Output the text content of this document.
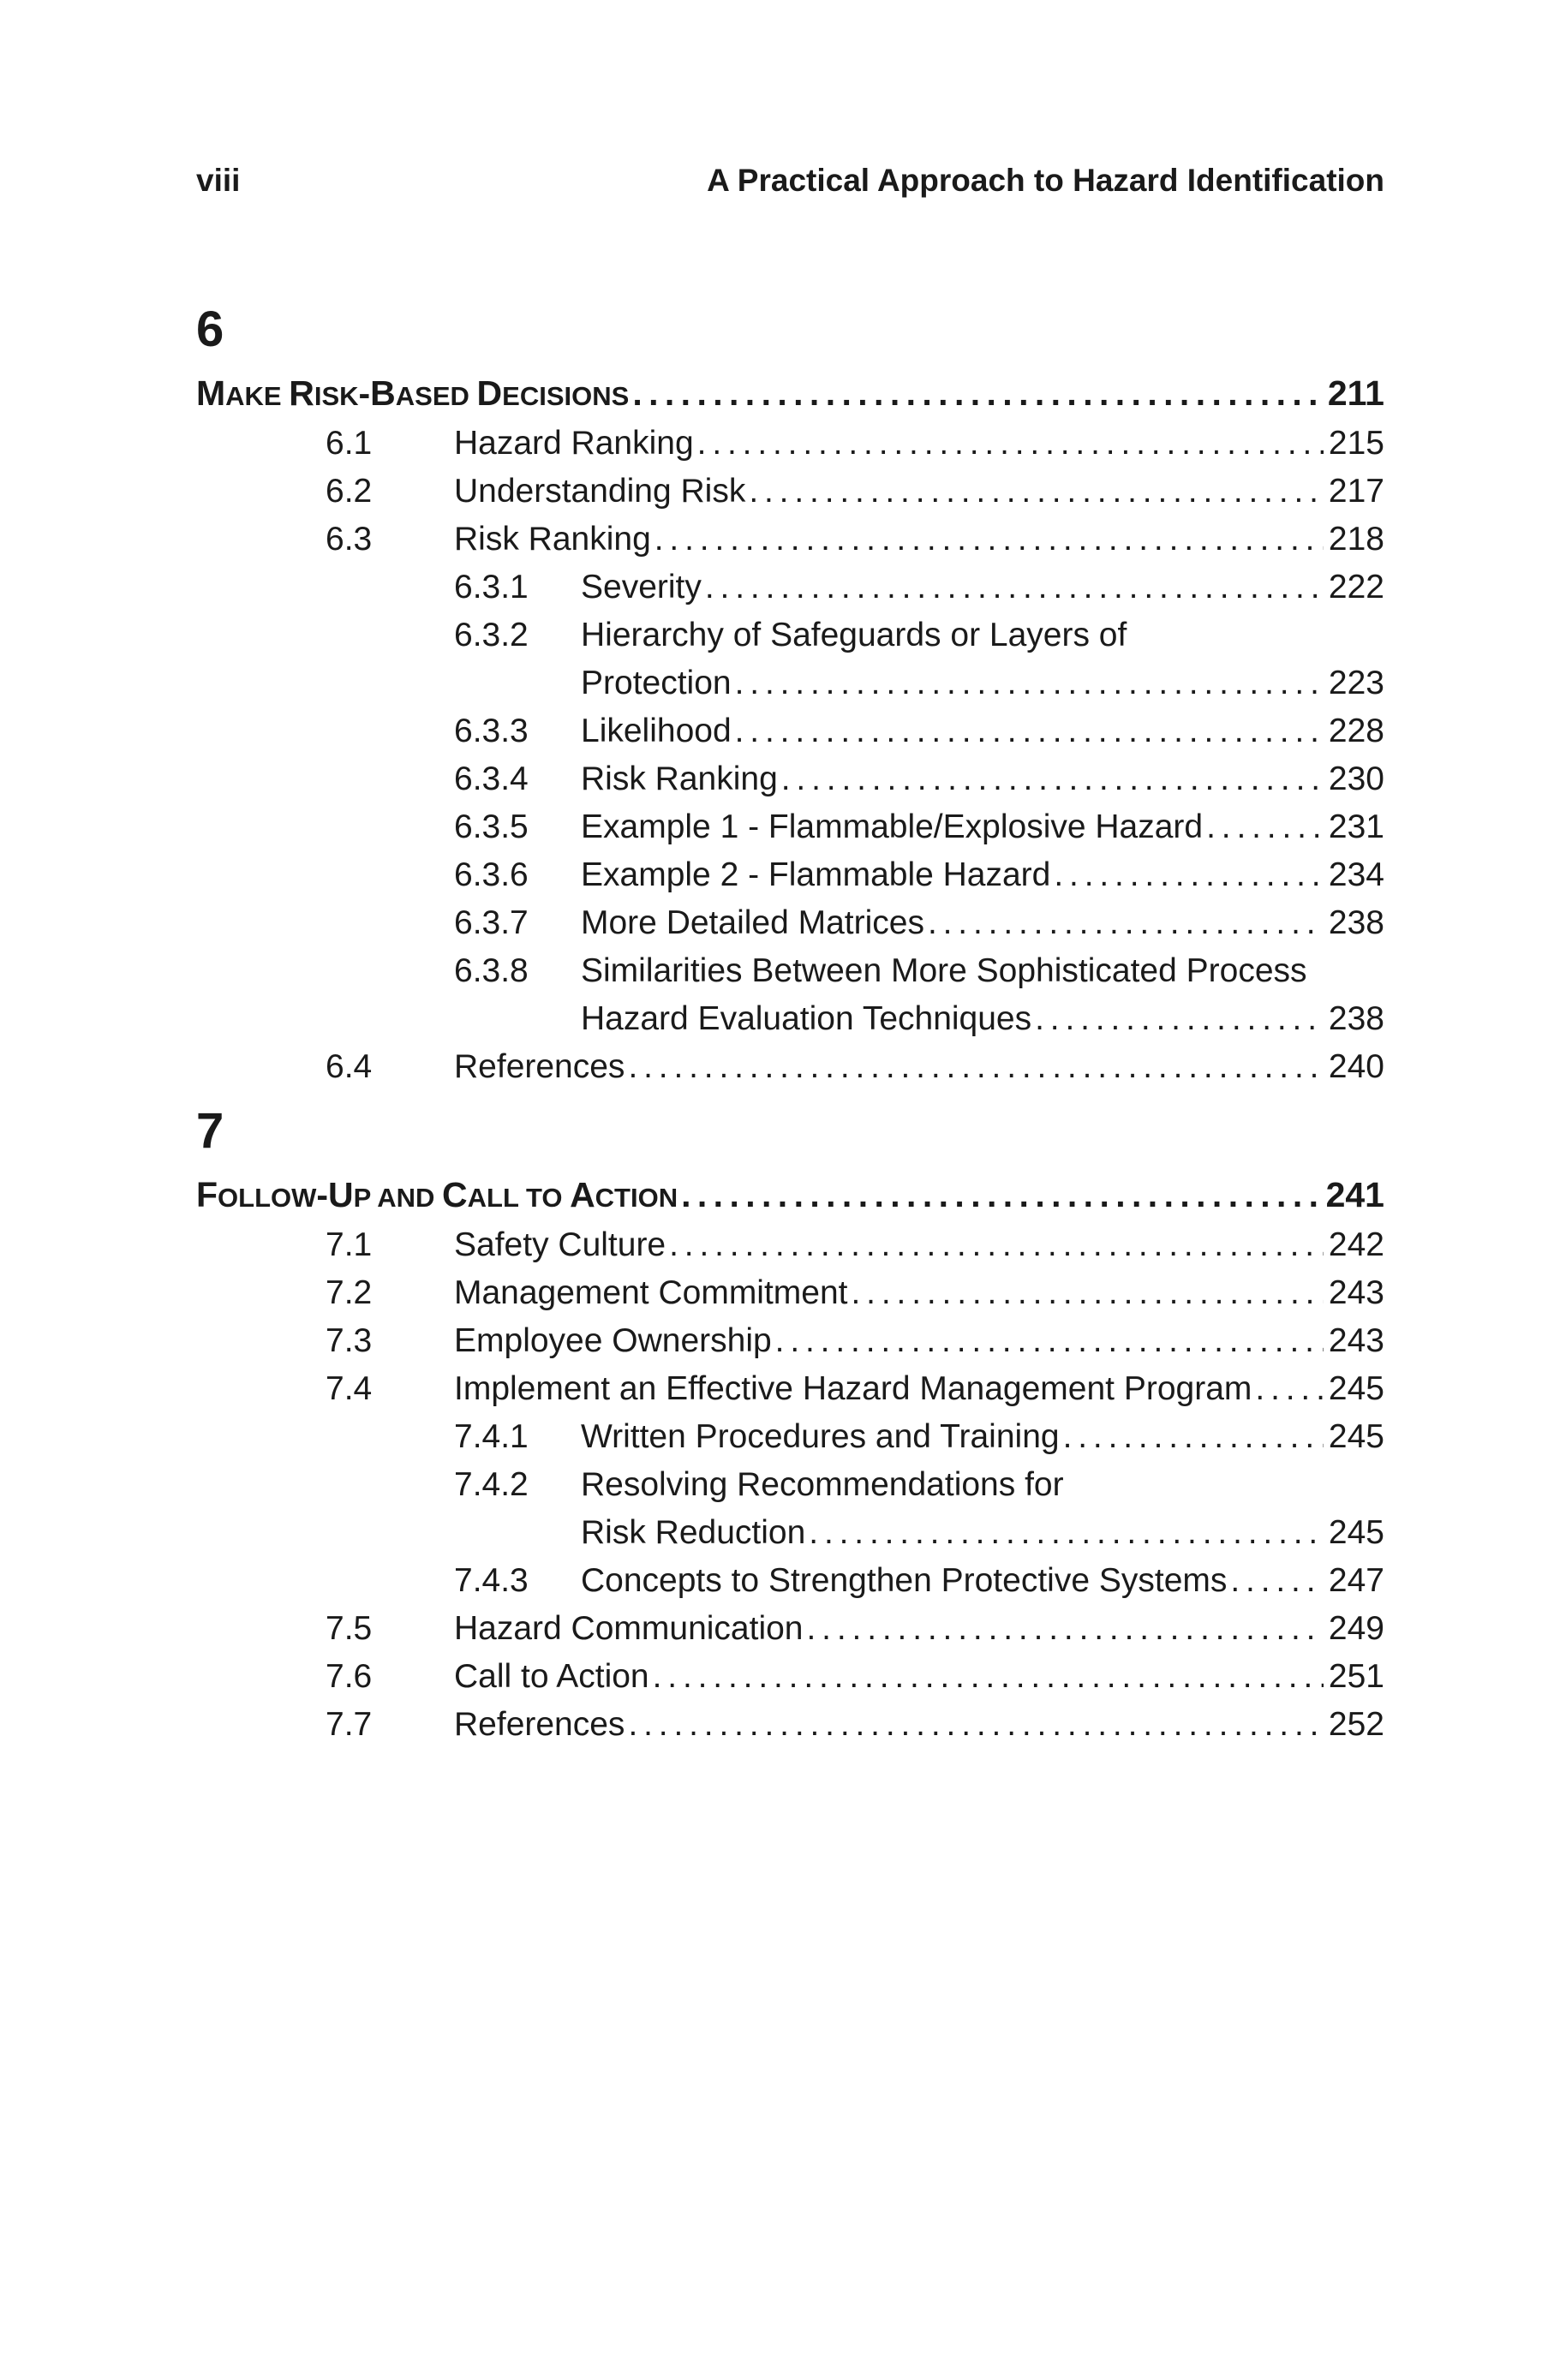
viii	A Practical Approach to Hazard Identification
6
MAKE RISK-BASED DECISIONS . . .	211
6.1 Hazard Ranking . . .	215
6.2 Understanding Risk . . .	217
6.3 Risk Ranking . . .	218
6.3.1 Severity . . .	222
6.3.2 Hierarchy of Safeguards or Layers of
Protection . . .	223
6.3.3 Likelihood . . .	228
6.3.4 Risk Ranking . . .	230
6.3.5 Example 1 - Flammable/Explosive Hazard . . .	231
6.3.6 Example 2 - Flammable Hazard . . .	234
6.3.7 More Detailed Matrices . . .	238
6.3.8 Similarities Between More Sophisticated Process
Hazard Evaluation Techniques . . .	238
6.4 References . . .	240
7
FOLLOW-UP AND CALL TO ACTION . . .	241
7.1 Safety Culture . . .	242
7.2 Management Commitment . . .	243
7.3 Employee Ownership . . .	243
7.4 Implement an Effective Hazard Management Program . . . 245
7.4.1 Written Procedures and Training . . .	245
7.4.2 Resolving Recommendations for
Risk Reduction . . .	245
7.4.3 Concepts to Strengthen Protective Systems . . .	247
7.5 Hazard Communication . . .	249
7.6 Call to Action . . .	251
7.7 References . . .	252
